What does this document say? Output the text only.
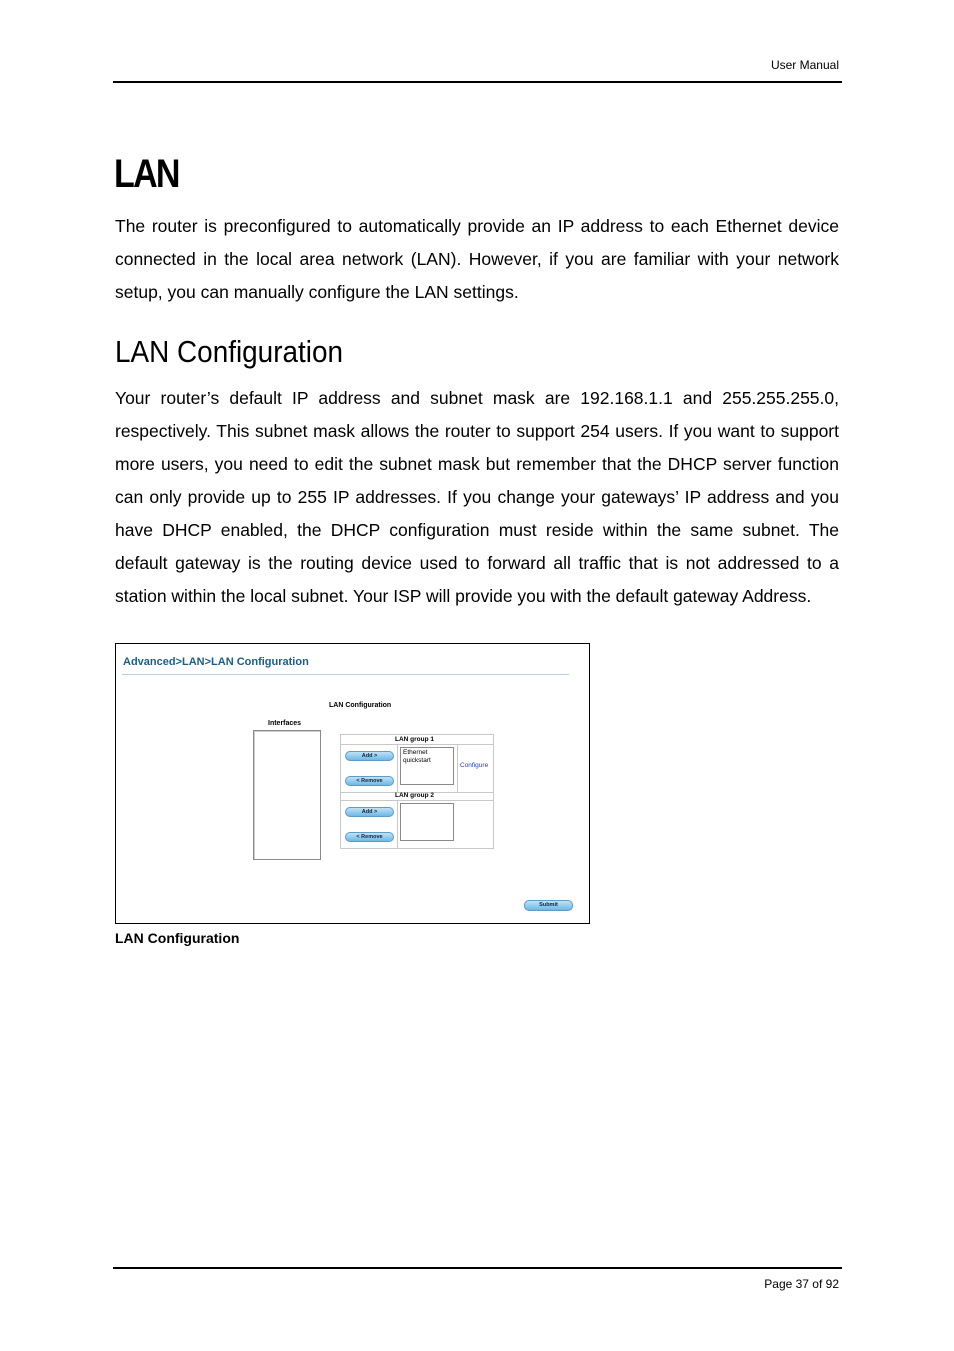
User Manual
LAN
The router is preconfigured to automatically provide an IP address to each Ethernet device connected in the local area network (LAN). However, if you are familiar with your network setup, you can manually configure the LAN settings.
LAN Configuration
Your router’s default IP address and subnet mask are 192.168.1.1 and 255.255.255.0, respectively. This subnet mask allows the router to support 254 users. If you want to support more users, you need to edit the subnet mask but remember that the DHCP server function can only provide up to 255 IP addresses. If you change your gateways’ IP address and you have DHCP enabled, the DHCP configuration must reside within the same subnet. The default gateway is the routing device used to forward all traffic that is not addressed to a station within the local subnet. Your ISP will provide you with the default gateway Address.
Advanced>LAN>LAN Configuration
LAN Configuration
Interfaces
LAN group 1
Add >
< Remove
Ethernet
quickstart
Configure
LAN group 2
Add >
< Remove
Submit
LAN Configuration
Page 37 of 92
